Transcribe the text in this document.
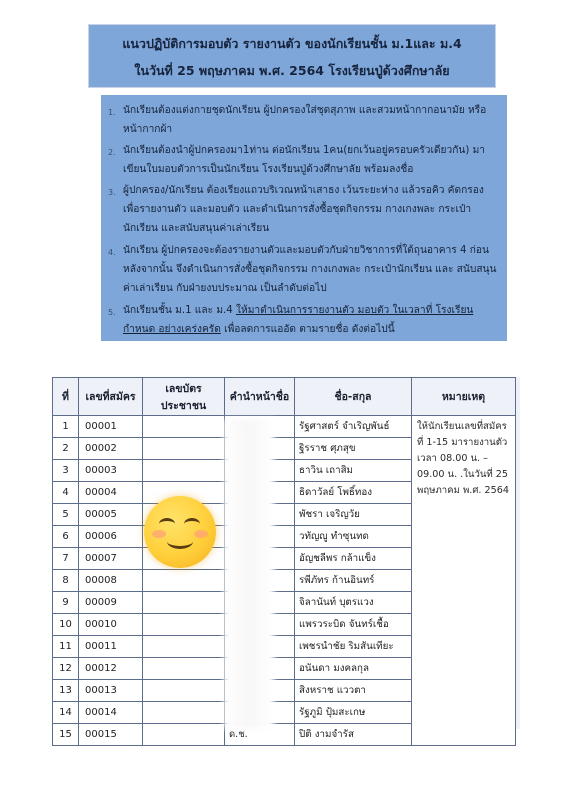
แนวปฏิบัติการมอบตัว รายงานตัว ของนักเรียนชั้น ม.1และ ม.4
ในวันที่ 25 พฤษภาคม พ.ศ. 2564 โรงเรียนปู่ด้วงศึกษาลัย
1. นักเรียนต้องแต่งกายชุดนักเรียน ผู้ปกครองใส่ชุดสุภาพ และสวมหน้ากากอนามัย หรือหน้ากากผ้า
2. นักเรียนต้องนำผู้ปกครองมา1ท่าน ต่อนักเรียน 1คน(ยกเว้นอยู่ครอบครัวเดียวกัน) มาเขียนใบมอบตัวการเป็นนักเรียน โรงเรียนปู่ด้วงศึกษาลัย พร้อมลงชื่อ
3. ผู้ปกครอง/นักเรียน ต้องเรียงแถวบริเวณหน้าเสาธง เว้นระยะห่าง แล้วรอคิว คัดกรอง เพื่อรายงานตัว และมอบตัว และดำเนินการสั่งซื้อชุดกิจกรรม กางเกงพละ กระเป๋านักเรียน และสนับสนุนค่าเล่าเรียน
4. นักเรียน ผู้ปกครองจะต้องรายงานตัวและมอบตัวกับฝ่ายวิชาการที่ใต้ถุนอาคาร 4 ก่อน หลังจากนั้น จึงดำเนินการสั่งซื้อชุดกิจกรรม กางเกงพละ กระเป๋านักเรียน และ สนับสนุนค่าเล่าเรียน กับฝ่ายงบประมาณ เป็นลำดับต่อไป
5. นักเรียนชั้น ม.1 และ ม.4 ให้มาดำเนินการรายงานตัว มอบตัว ในเวลาที่ โรงเรียนกำหนด อย่างเคร่งครัด เพื่อลดการแออัด ตามรายชื่อ ดังต่อไปนี้
ที่	เลขที่สมัคร	เลขบัตรประชาชน	คำนำหน้าชื่อ	ชื่อ-สกุล	หมายเหตุ
1	00001			รัฐศาสตร์ จำเริญพันธ์	ให้นักเรียนเลขที่สมัคร ที่ 1-15 มารายงานตัว เวลา 08.00 น. – 09.00 น. .ในวันที่ 25 พฤษภาคม พ.ศ. 2564
2	00002			ฐิรราช ศุภสุข	
3	00003			ธาวิน เถาสิม	
4	00004			ธิดาวัลย์ โพธิ์ทอง	
5	00005			พัชรา เจริญวัย	
6	00006			วทัญญู ทำซุนทด	
7	00007			อัญชลีพร กล้าแข็ง	
8	00008			รพีภัทร ก้านอินทร์	
9	00009			จิลานันท์ บุตรแวง	
10	00010			แพรวระบิด จันทร์เชื้อ	
11	00011			เพชรนำชัย ริมสันเทียะ	
12	00012			อนันดา มงคลกุล	
13	00013			สิงหราช แววตา	
14	00014			รัฐภูมิ ปุ้มสะเกษ	
15	00015		ด.ช.	ปิติ งามจำรัส	
